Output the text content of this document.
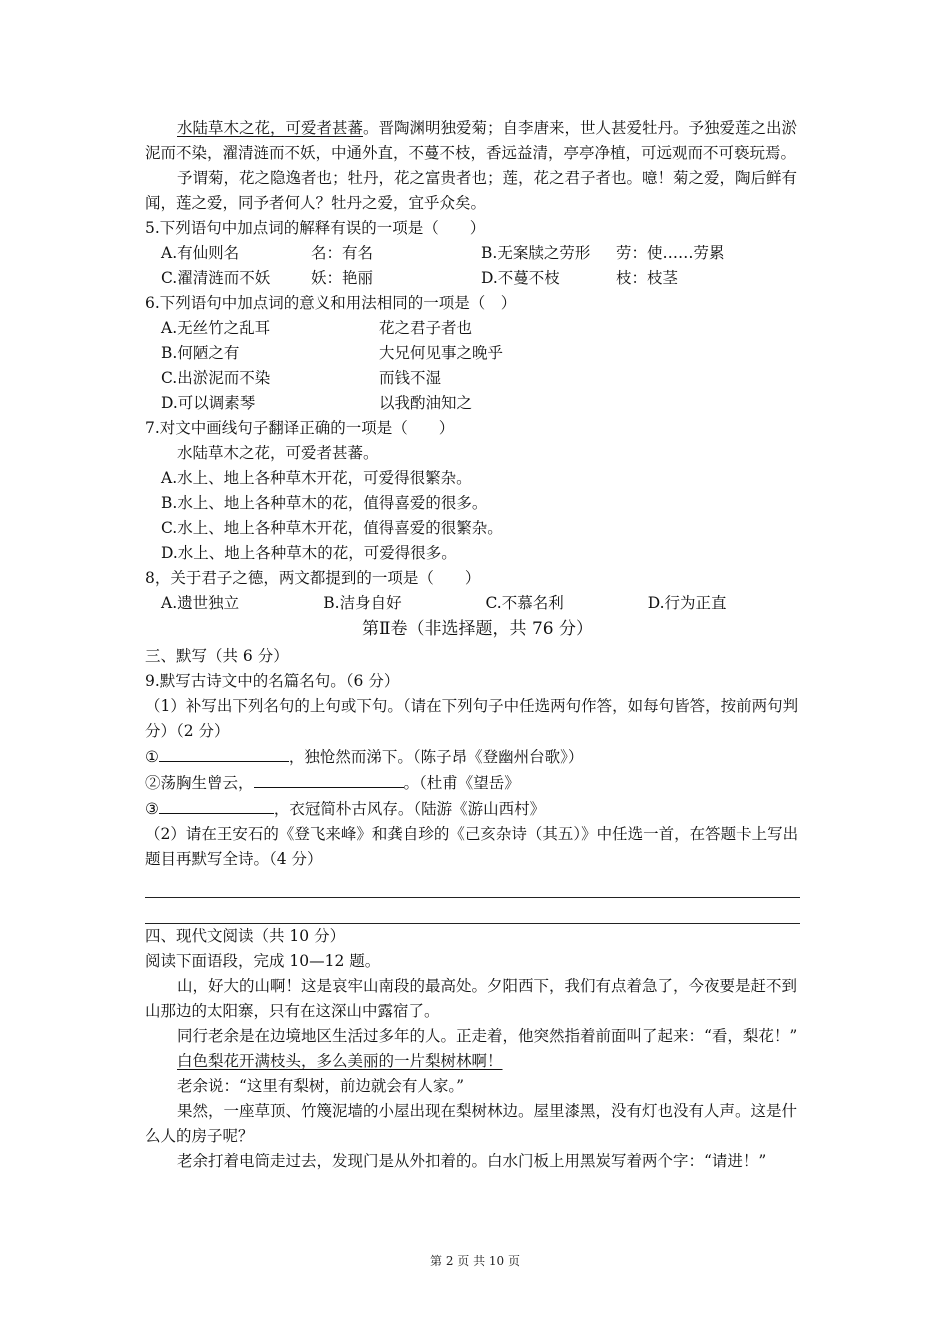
水陆草木之花，可爱者甚蕃。晋陶渊明独爱菊；自李唐来，世人甚爱牡丹。予独爱莲之出淤泥而不染，濯清涟而不妖，中通外直，不蔓不枝，香远益清，亭亭净植，可远观而不可亵玩焉。

予谓菊，花之隐逸者也；牡丹，花之富贵者也；莲，花之君子者也。噫！菊之爱，陶后鲜有闻，莲之爱，同予者何人？牡丹之爱，宜乎众矣。

5.下列语句中加点词的解释有误的一项是（　　）

A.有仙则名	名：有名	B.无案牍之劳形	劳：使……劳累
C.濯清涟而不妖	妖：艳丽	D.不蔓不枝	枝：枝茎

6.下列语句中加点词的意义和用法相同的一项是（　）

A.无丝竹之乱耳	花之君子者也
B.何陋之有	大兄何见事之晚乎
C.出淤泥而不染	而钱不湿
D.可以调素琴	以我酌油知之

7.对文中画线句子翻译正确的一项是（　　）

水陆草木之花，可爱者甚蕃。

A.水上、地上各种草木开花，可爱得很繁杂。

B.水上、地上各种草木的花，值得喜爱的很多。

C.水上、地上各种草木开花，值得喜爱的很繁杂。

D.水上、地上各种草木的花，可爱得很多。

8，关于君子之德，两文都提到的一项是（　　）

A.遗世独立	B.洁身自好	C.不慕名利	D.行为正直
第Ⅱ卷（非选择题，共 76 分）

三、默写（共 6 分）

9.默写古诗文中的名篇名句。（6 分）

（1）补写出下列名句的上句或下句。（请在下列句子中任选两句作答，如每句皆答，按前两句判分）（2 分）

①	，独怆然而涕下。（陈子昂《登幽州台歌》）

②荡胸生曾云，	。（杜甫《望岳》

③	，衣冠简朴古风存。（陆游《游山西村》

（2）请在王安石的《登飞来峰》和龚自珍的《己亥杂诗（其五）》中任选一首，在答题卡上写出题目再默写全诗。（4 分）

四、现代文阅读（共 10 分）

阅读下面语段，完成 10—12 题。

山，好大的山啊！这是哀牢山南段的最高处。夕阳西下，我们有点着急了，今夜要是赶不到山那边的太阳寨，只有在这深山中露宿了。

同行老余是在边境地区生活过多年的人。正走着，他突然指着前面叫了起来：“看，梨花！”

白色梨花开满枝头，多么美丽的一片梨树林啊！

老余说：“这里有梨树，前边就会有人家。”

果然，一座草顶、竹篾泥墙的小屋出现在梨树林边。屋里漆黑，没有灯也没有人声。这是什么人的房子呢？

老余打着电筒走过去，发现门是从外扣着的。白水门板上用黑炭写着两个字：“请进！”

第 2 页 共 10 页
